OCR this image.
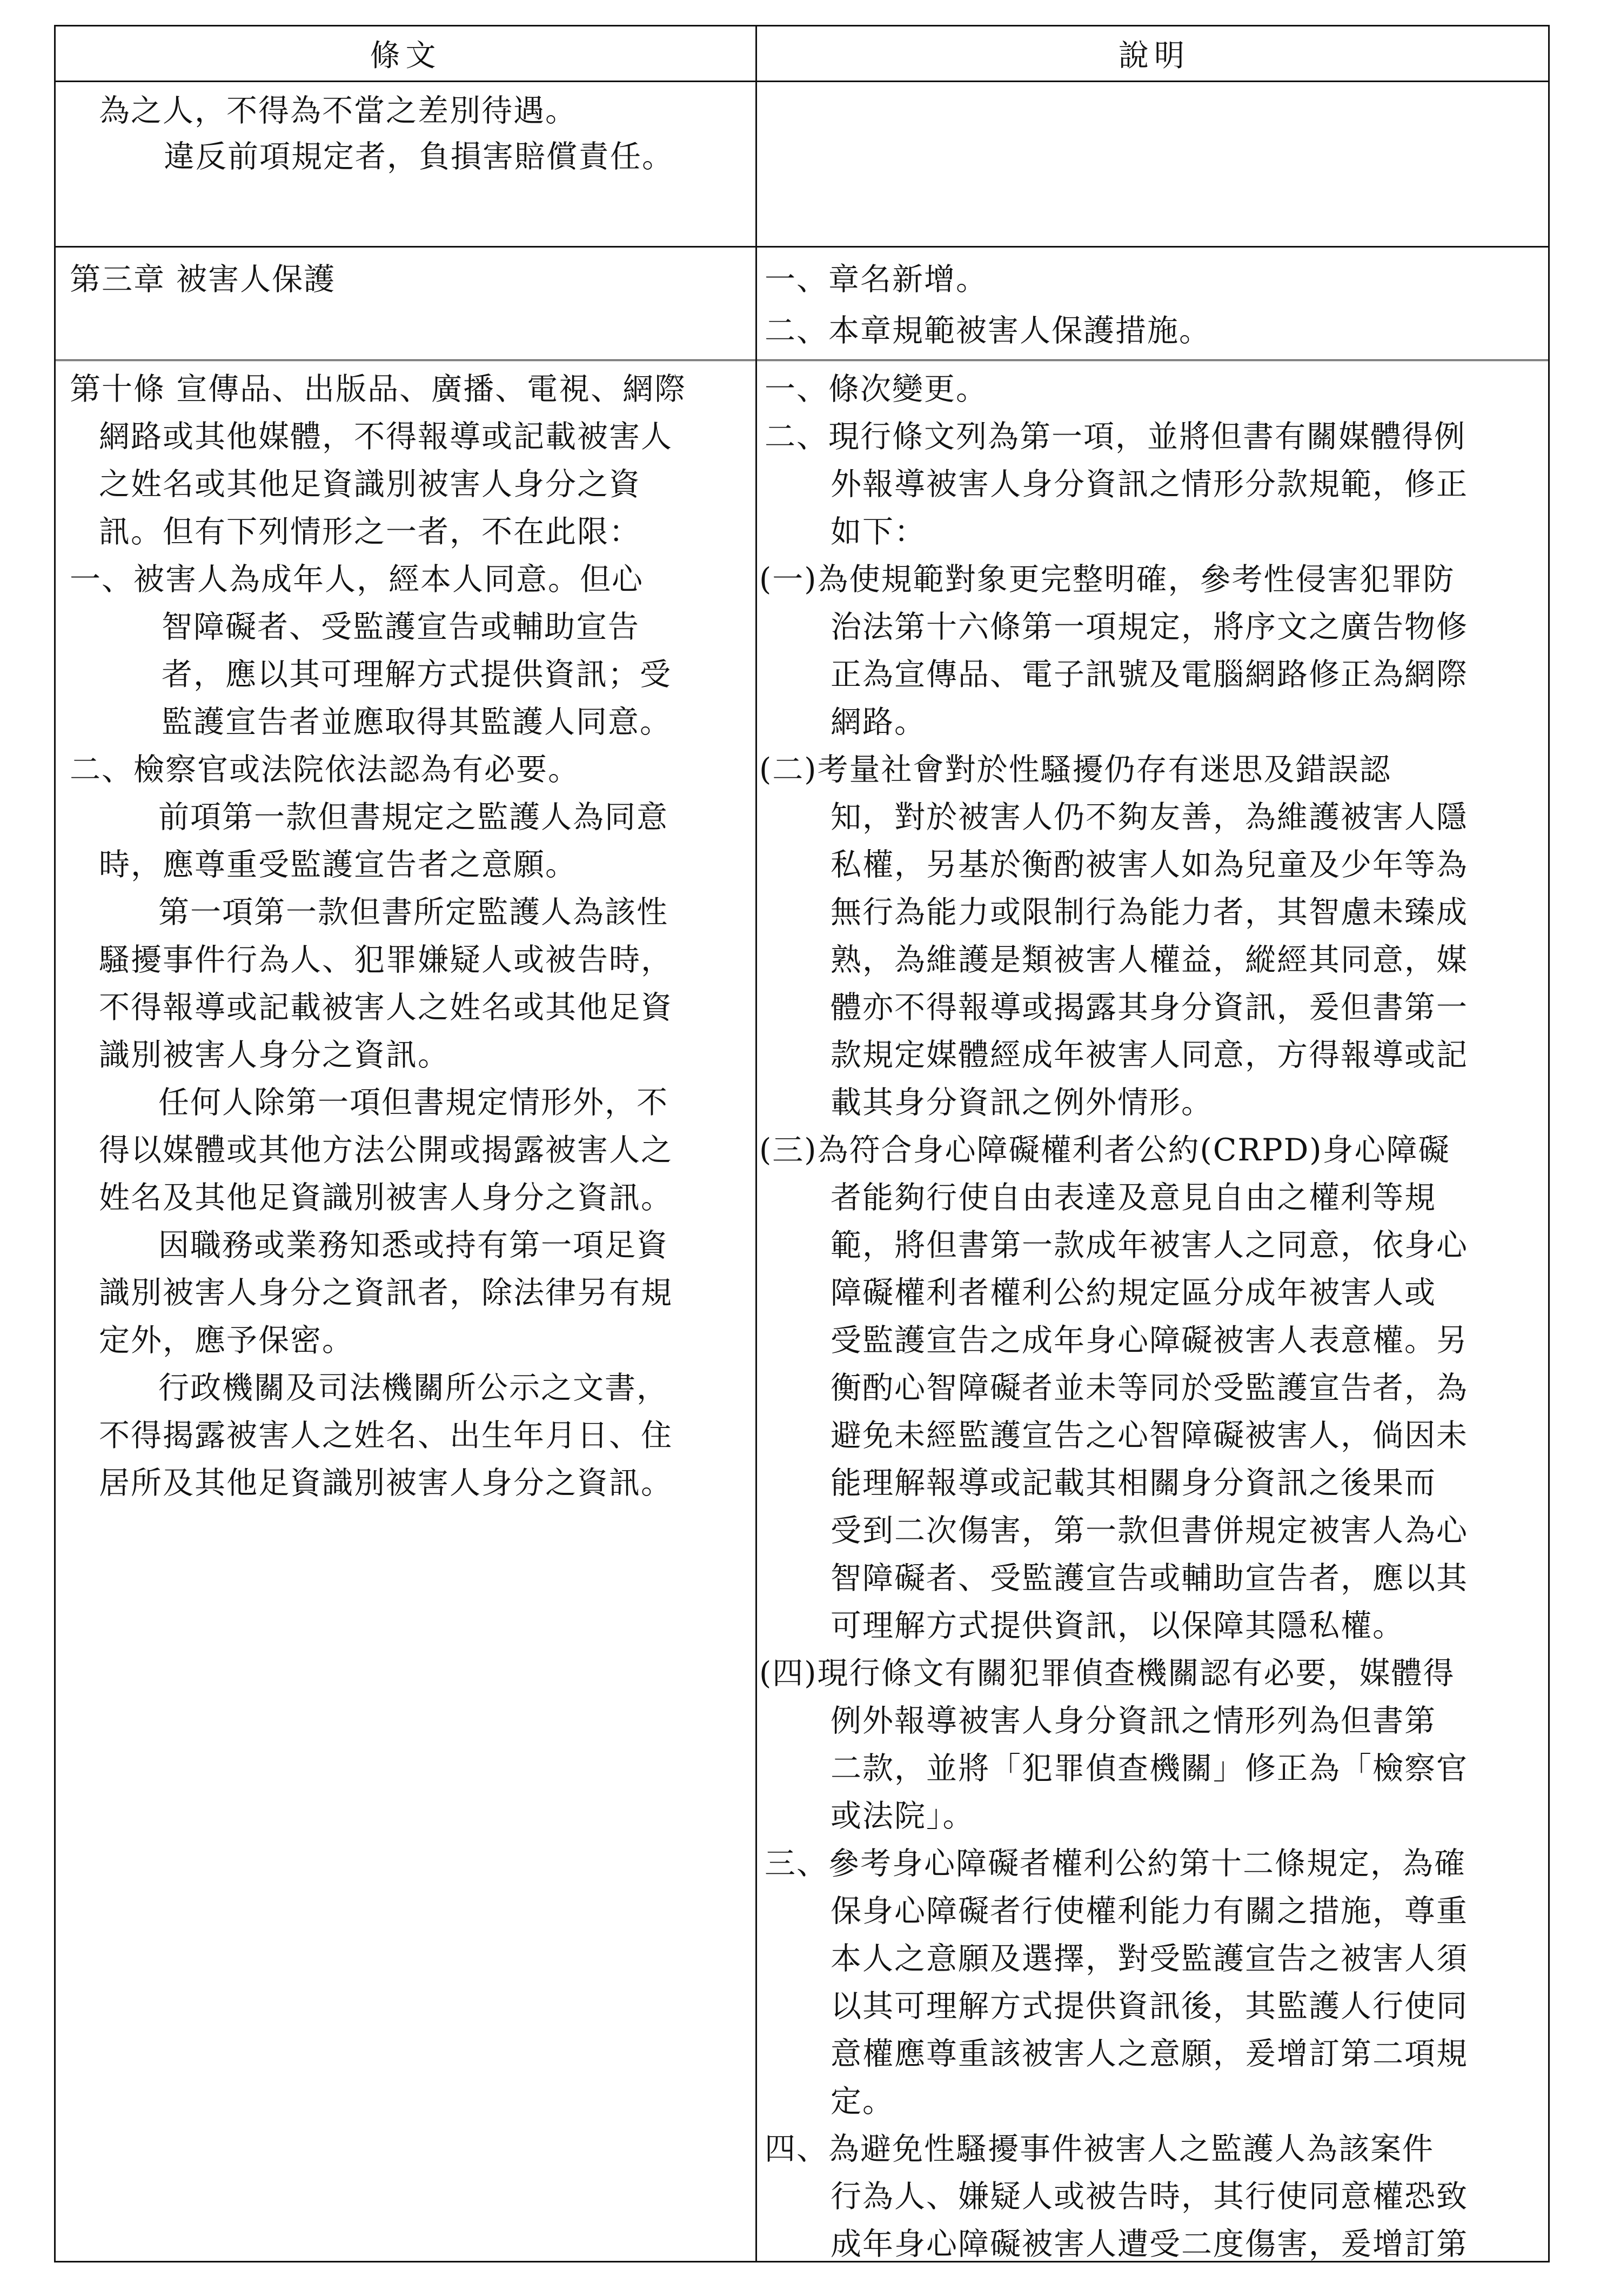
條文	說明
為之人，不得為不當之差別待遇。
違反前項規定者，負損害賠償責任。
第三章 被害人保護
第十條 宣傳品、出版品、廣播、電視、網際
網路或其他媒體，不得報導或記載被害人
之姓名或其他足資識別被害人身分之資
訊。但有下列情形之一者，不在此限：
一、被害人為成年人，經本人同意。但心
智障礙者、受監護宣告或輔助宣告
者，應以其可理解方式提供資訊；受
監護宣告者並應取得其監護人同意。
二、檢察官或法院依法認為有必要。
前項第一款但書規定之監護人為同意
時，應尊重受監護宣告者之意願。
第一項第一款但書所定監護人為該性
騷擾事件行為人、犯罪嫌疑人或被告時，
不得報導或記載被害人之姓名或其他足資
識別被害人身分之資訊。
任何人除第一項但書規定情形外，不
得以媒體或其他方法公開或揭露被害人之
姓名及其他足資識別被害人身分之資訊。
因職務或業務知悉或持有第一項足資
識別被害人身分之資訊者，除法律另有規
定外，應予保密。
行政機關及司法機關所公示之文書，
不得揭露被害人之姓名、出生年月日、住
居所及其他足資識別被害人身分之資訊。
一、章名新增。
二、本章規範被害人保護措施。
一、條次變更。
二、現行條文列為第一項，並將但書有關媒體得例
外報導被害人身分資訊之情形分款規範，修正
如下：
(一)為使規範對象更完整明確，參考性侵害犯罪防
治法第十六條第一項規定，將序文之廣告物修
正為宣傳品、電子訊號及電腦網路修正為網際
網路。
(二)考量社會對於性騷擾仍存有迷思及錯誤認
知，對於被害人仍不夠友善，為維護被害人隱
私權，另基於衡酌被害人如為兒童及少年等為
無行為能力或限制行為能力者，其智慮未臻成
熟，為維護是類被害人權益，縱經其同意，媒
體亦不得報導或揭露其身分資訊，爰但書第一
款規定媒體經成年被害人同意，方得報導或記
載其身分資訊之例外情形。
(三)為符合身心障礙權利者公約(CRPD)身心障礙
者能夠行使自由表達及意見自由之權利等規
範，將但書第一款成年被害人之同意，依身心
障礙權利者權利公約規定區分成年被害人或
受監護宣告之成年身心障礙被害人表意權。另
衡酌心智障礙者並未等同於受監護宣告者，為
避免未經監護宣告之心智障礙被害人，倘因未
能理解報導或記載其相關身分資訊之後果而
受到二次傷害，第一款但書併規定被害人為心
智障礙者、受監護宣告或輔助宣告者，應以其
可理解方式提供資訊，以保障其隱私權。
(四)現行條文有關犯罪偵查機關認有必要，媒體得
例外報導被害人身分資訊之情形列為但書第
二款，並將「犯罪偵查機關」修正為「檢察官
或法院」。
三、參考身心障礙者權利公約第十二條規定，為確
保身心障礙者行使權利能力有關之措施，尊重
本人之意願及選擇，對受監護宣告之被害人須
以其可理解方式提供資訊後，其監護人行使同
意權應尊重該被害人之意願，爰增訂第二項規
定。
四、為避免性騷擾事件被害人之監護人為該案件
行為人、嫌疑人或被告時，其行使同意權恐致
成年身心障礙被害人遭受二度傷害，爰增訂第
